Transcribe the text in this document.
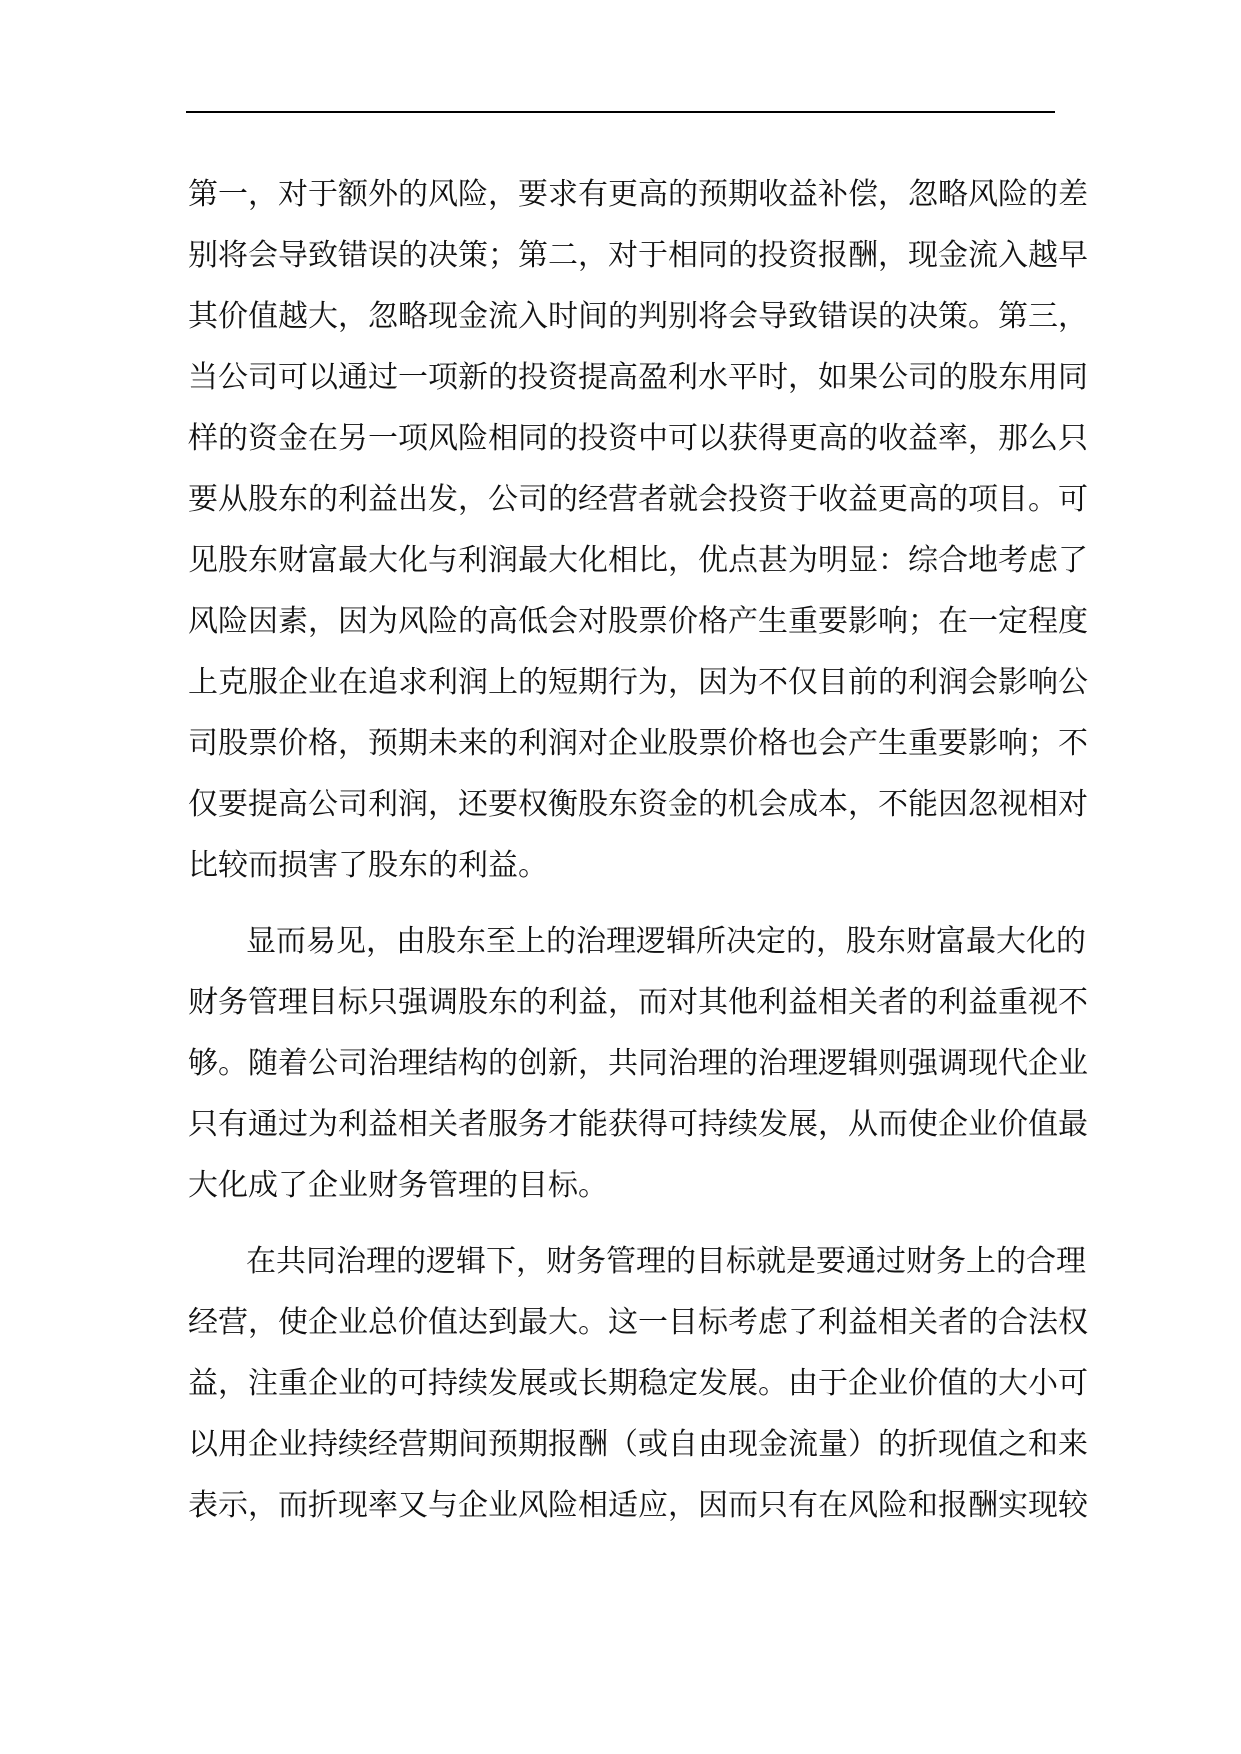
第一，对于额外的风险，要求有更高的预期收益补偿，忽略风险的差
别将会导致错误的决策；第二，对于相同的投资报酬，现金流入越早
其价值越大，忽略现金流入时间的判别将会导致错误的决策。第三，
当公司可以通过一项新的投资提高盈利水平时，如果公司的股东用同
样的资金在另一项风险相同的投资中可以获得更高的收益率，那么只
要从股东的利益出发，公司的经营者就会投资于收益更高的项目。可
见股东财富最大化与利润最大化相比，优点甚为明显：综合地考虑了
风险因素，因为风险的高低会对股票价格产生重要影响；在一定程度
上克服企业在追求利润上的短期行为，因为不仅目前的利润会影响公
司股票价格，预期未来的利润对企业股票价格也会产生重要影响；不
仅要提高公司利润，还要权衡股东资金的机会成本，不能因忽视相对
比较而损害了股东的利益。
显而易见，由股东至上的治理逻辑所决定的，股东财富最大化的
财务管理目标只强调股东的利益，而对其他利益相关者的利益重视不
够。随着公司治理结构的创新，共同治理的治理逻辑则强调现代企业
只有通过为利益相关者服务才能获得可持续发展，从而使企业价值最
大化成了企业财务管理的目标。
在共同治理的逻辑下，财务管理的目标就是要通过财务上的合理
经营，使企业总价值达到最大。这一目标考虑了利益相关者的合法权
益，注重企业的可持续发展或长期稳定发展。由于企业价值的大小可
以用企业持续经营期间预期报酬（或自由现金流量）的折现值之和来
表示，而折现率又与企业风险相适应，因而只有在风险和报酬实现较
